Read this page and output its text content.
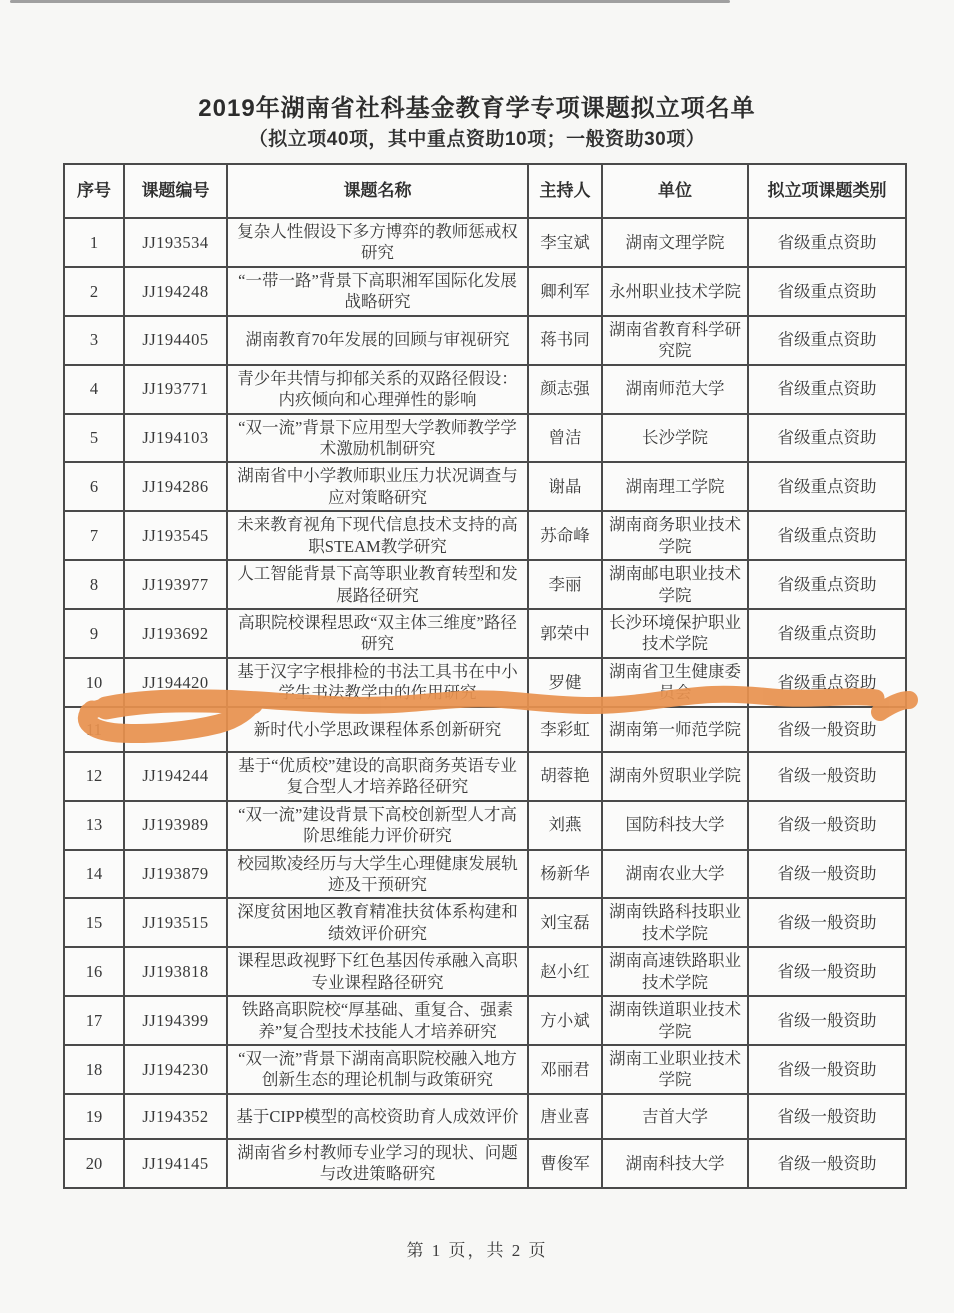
2019年湖南省社科基金教育学专项课题拟立项名单
（拟立项40项，其中重点资助10项；一般资助30项）
序号	课题编号	课题名称	主持人	单位	拟立项课题类别
1	JJ193534	复杂人性假设下多方博弈的教师惩戒权研究	李宝斌	湖南文理学院	省级重点资助
2	JJ194248	“一带一路”背景下高职湘军国际化发展战略研究	卿利军	永州职业技术学院	省级重点资助
3	JJ194405	湖南教育70年发展的回顾与审视研究	蒋书同	湖南省教育科学研究院	省级重点资助
4	JJ193771	青少年共情与抑郁关系的双路径假设：内疚倾向和心理弹性的影响	颜志强	湖南师范大学	省级重点资助
5	JJ194103	“双一流”背景下应用型大学教师教学学术激励机制研究	曾洁	长沙学院	省级重点资助
6	JJ194286	湖南省中小学教师职业压力状况调查与应对策略研究	谢晶	湖南理工学院	省级重点资助
7	JJ193545	未来教育视角下现代信息技术支持的高职STEAM教学研究	苏命峰	湖南商务职业技术学院	省级重点资助
8	JJ193977	人工智能背景下高等职业教育转型和发展路径研究	李丽	湖南邮电职业技术学院	省级重点资助
9	JJ193692	高职院校课程思政“双主体三维度”路径研究	郭荣中	长沙环境保护职业技术学院	省级重点资助
10	JJ194420	基于汉字字根排检的书法工具书在中小学生书法教学中的作用研究	罗健	湖南省卫生健康委员会	省级重点资助
11		新时代小学思政课程体系创新研究	李彩虹	湖南第一师范学院	省级一般资助
12	JJ194244	基于“优质校”建设的高职商务英语专业复合型人才培养路径研究	胡蓉艳	湖南外贸职业学院	省级一般资助
13	JJ193989	“双一流”建设背景下高校创新型人才高阶思维能力评价研究	刘燕	国防科技大学	省级一般资助
14	JJ193879	校园欺凌经历与大学生心理健康发展轨迹及干预研究	杨新华	湖南农业大学	省级一般资助
15	JJ193515	深度贫困地区教育精准扶贫体系构建和绩效评价研究	刘宝磊	湖南铁路科技职业技术学院	省级一般资助
16	JJ193818	课程思政视野下红色基因传承融入高职专业课程路径研究	赵小红	湖南高速铁路职业技术学院	省级一般资助
17	JJ194399	铁路高职院校“厚基础、重复合、强素养”复合型技术技能人才培养研究	方小斌	湖南铁道职业技术学院	省级一般资助
18	JJ194230	“双一流”背景下湖南高职院校融入地方创新生态的理论机制与政策研究	邓丽君	湖南工业职业技术学院	省级一般资助
19	JJ194352	基于CIPP模型的高校资助育人成效评价	唐业喜	吉首大学	省级一般资助
20	JJ194145	湖南省乡村教师专业学习的现状、问题与改进策略研究	曹俊军	湖南科技大学	省级一般资助
第 1 页，共 2 页
